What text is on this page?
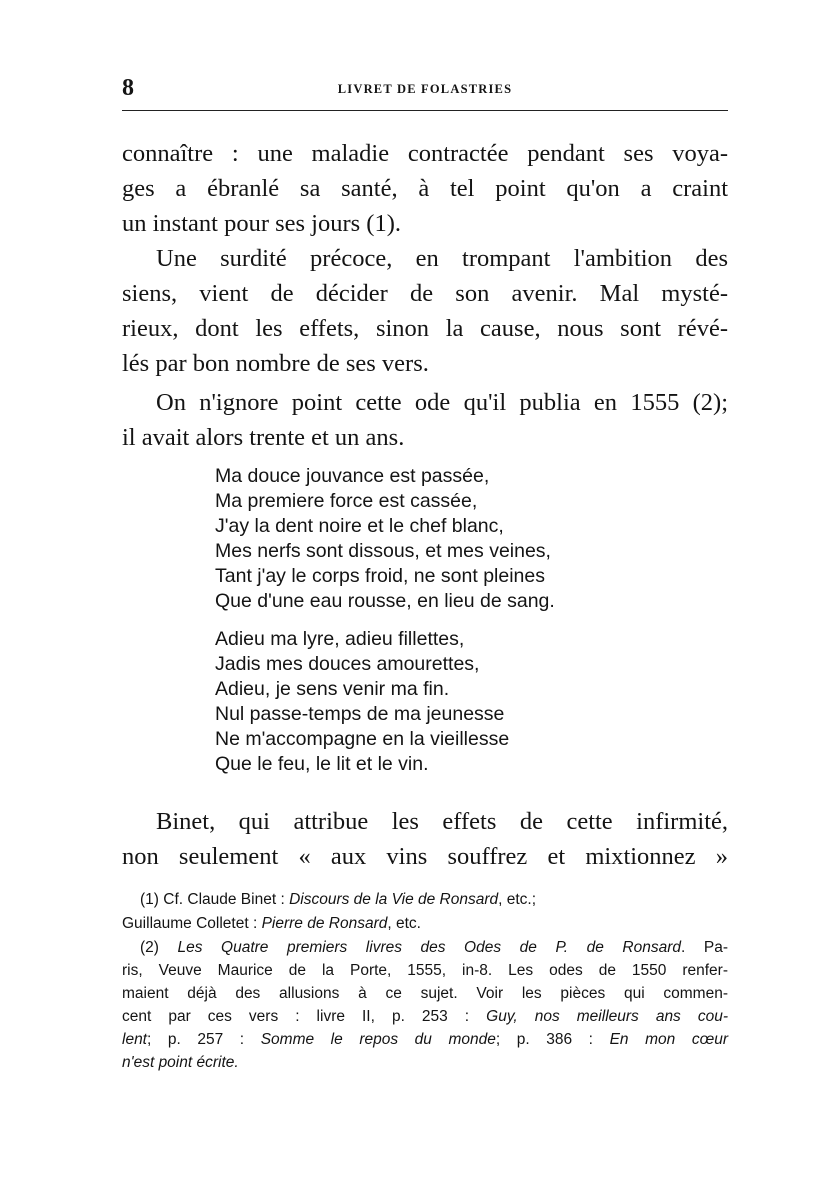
8	LIVRET DE FOLASTRIES

connaître : une maladie contractée pendant ses voya-

ges a ébranlé sa santé, à tel point qu'on a craint

un instant pour ses jours (1).

Une surdité précoce, en trompant l'ambition des

siens, vient de décider de son avenir. Mal mysté-

rieux, dont les effets, sinon la cause, nous sont révé-

lés par bon nombre de ses vers.

On n'ignore point cette ode qu'il publia en 1555 (2);

il avait alors trente et un ans.

Ma douce jouvance est passée,

Ma premiere force est cassée,

J'ay la dent noire et le chef blanc,

Mes nerfs sont dissous, et mes veines,

Tant j'ay le corps froid, ne sont pleines

Que d'une eau rousse, en lieu de sang.

Adieu ma lyre, adieu fillettes,

Jadis mes douces amourettes,

Adieu, je sens venir ma fin.

Nul passe-temps de ma jeunesse

Ne m'accompagne en la vieillesse

Que le feu, le lit et le vin.

Binet, qui attribue les effets de cette infirmité,

non seulement « aux vins souffrez et mixtionnez »

(1) Cf. Claude Binet : Discours de la Vie de Ronsard, etc.;

Guillaume Colletet : Pierre de Ronsard, etc.

(2) Les Quatre premiers livres des Odes de P. de Ronsard. Pa-

ris, Veuve Maurice de la Porte, 1555, in-8. Les odes de 1550 renfer-

maient déjà des allusions à ce sujet. Voir les pièces qui commen-

cent par ces vers : livre II, p. 253 : Guy, nos meilleurs ans cou-

lent; p. 257 : Somme le repos du monde; p. 386 : En mon cœur

n'est point écrite.
